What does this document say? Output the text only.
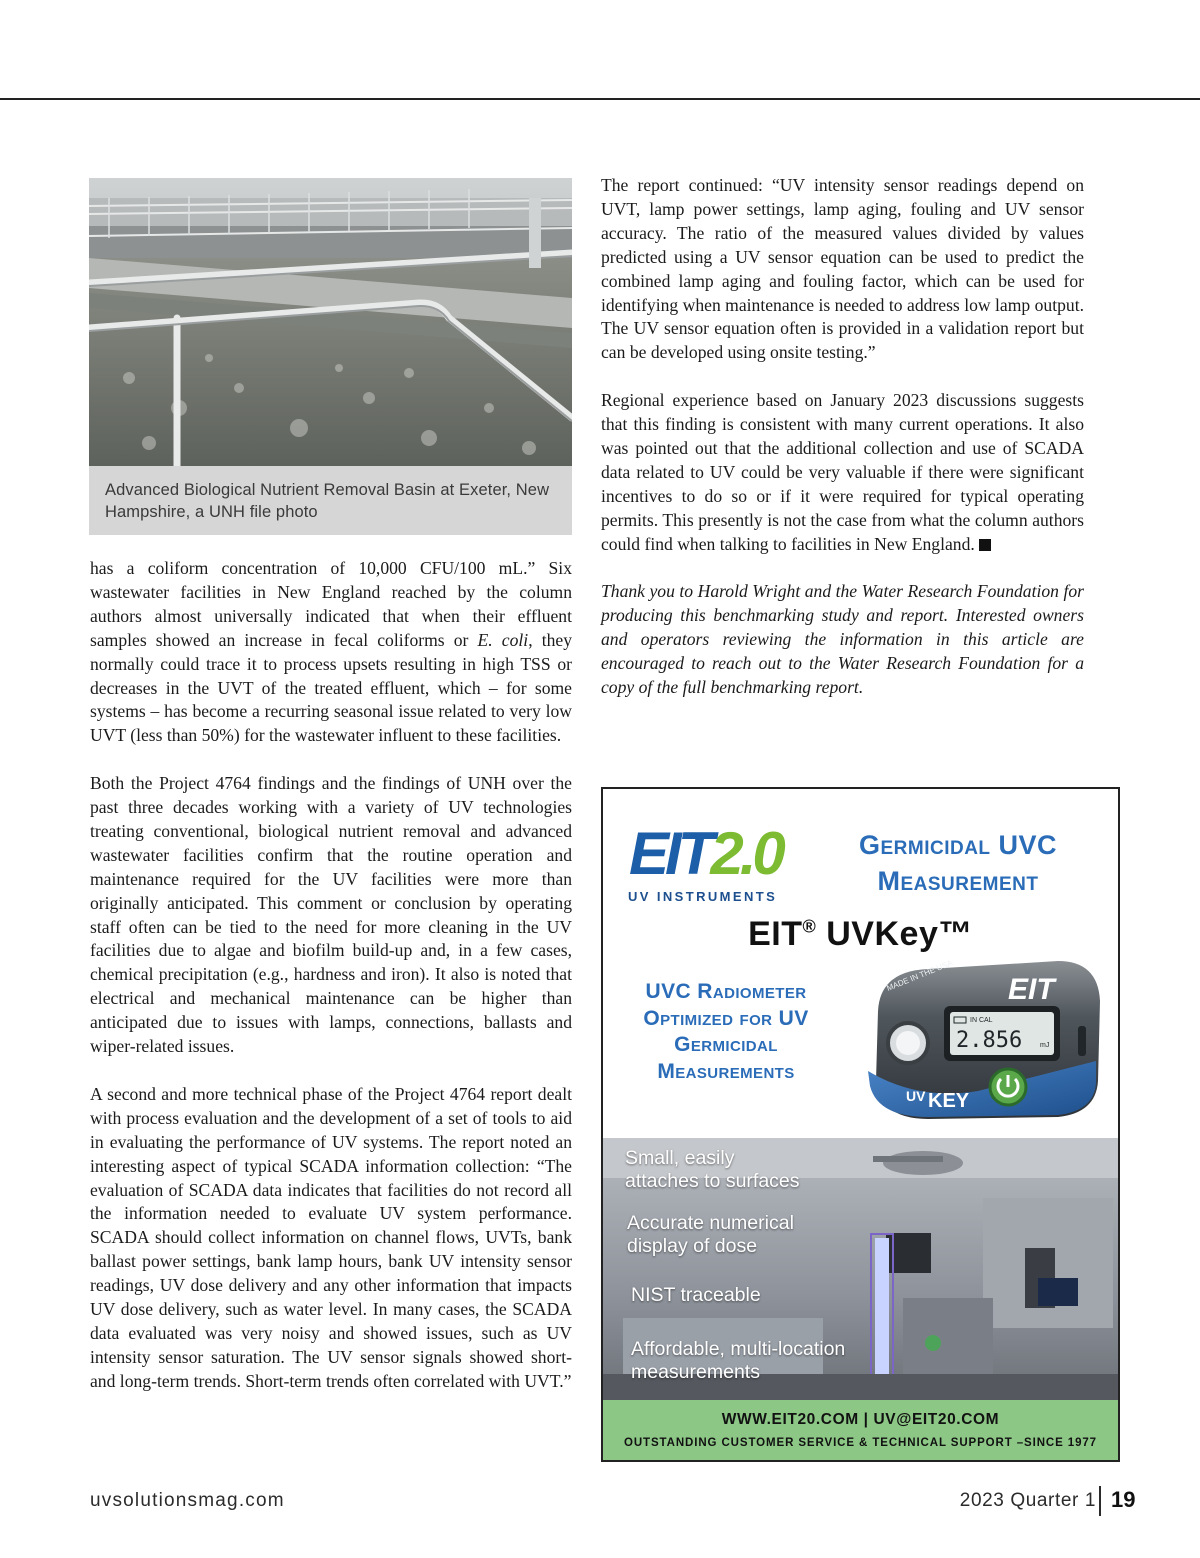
Advanced Biological Nutrient Removal Basin at Exeter, New Hampshire, a UNH file photo

has a coliform concentration of 10,000 CFU/100 mL.” Six wastewater facilities in New England reached by the column authors almost universally indicated that when their effluent samples showed an increase in fecal coliforms or E. coli, they normally could trace it to process upsets resulting in high TSS or decreases in the UVT of the treated effluent, which – for some systems – has become a recurring seasonal issue related to very low UVT (less than 50%) for the wastewater influent to these facilities.

Both the Project 4764 findings and the findings of UNH over the past three decades working with a variety of UV technologies treating conventional, biological nutrient removal and advanced wastewater facilities confirm that the routine operation and maintenance required for the UV facilities were more than originally anticipated. This comment or conclusion by operating staff often can be tied to the need for more cleaning in the UV facilities due to algae and biofilm build-up and, in a few cases, chemical precipitation (e.g., hardness and iron). It also is noted that electrical and mechanical maintenance can be higher than anticipated due to issues with lamps, connections, ballasts and wiper-related issues.

A second and more technical phase of the Project 4764 report dealt with process evaluation and the development of a set of tools to aid in evaluating the performance of UV systems. The report noted an interesting aspect of typical SCADA information collection: “The evaluation of SCADA data indicates that facilities do not record all the information needed to evaluate UV system performance. SCADA should collect information on channel flows, UVTs, bank ballast power settings, bank lamp hours, bank UV intensity sensor readings, UV dose delivery and any other information that impacts UV dose delivery, such as water level. In many cases, the SCADA data evaluated was very noisy and showed issues, such as UV intensity sensor saturation. The UV sensor signals showed short- and long-term trends. Short-term trends often correlated with UVT.”

The report continued: “UV intensity sensor readings depend on UVT, lamp power settings, lamp aging, fouling and UV sensor accuracy. The ratio of the measured values divided by values predicted using a UV sensor equation can be used to predict the combined lamp aging and fouling factor, which can be used for identifying when maintenance is needed to address low lamp output. The UV sensor equation often is provided in a validation report but can be developed using onsite testing.”

Regional experience based on January 2023 discussions suggests that this finding is consistent with many current operations. It also was pointed out that the additional collection and use of SCADA data related to UV could be very valuable if there were significant incentives to do so or if it were required for typical operating permits. This presently is not the case from what the column authors could find when talking to facilities in New England.

Thank you to Harold Wright and the Water Research Foundation for producing this benchmarking study and report. Interested owners and operators reviewing the information in this article are encouraged to reach out to the Water Research Foundation for a copy of the full benchmarking report.

EIT2.0
UV INSTRUMENTS
Germicidal UVC
Measurement
EIT® UVKey™
UVC Radiometer
Optimized for UV
Germicidal
Measurements
IN CAL
2.856	mJ
EIT
MADE IN THE USA
UV KEY
Small, easily
attaches to surfaces
Accurate numerical
display of dose
NIST traceable
Affordable, multi-location
measurements
WWW.EIT20.COM | UV@EIT20.COM
OUTSTANDING CUSTOMER SERVICE & TECHNICAL SUPPORT –SINCE 1977
uvsolutionsmag.com	2023 Quarter 1 19
